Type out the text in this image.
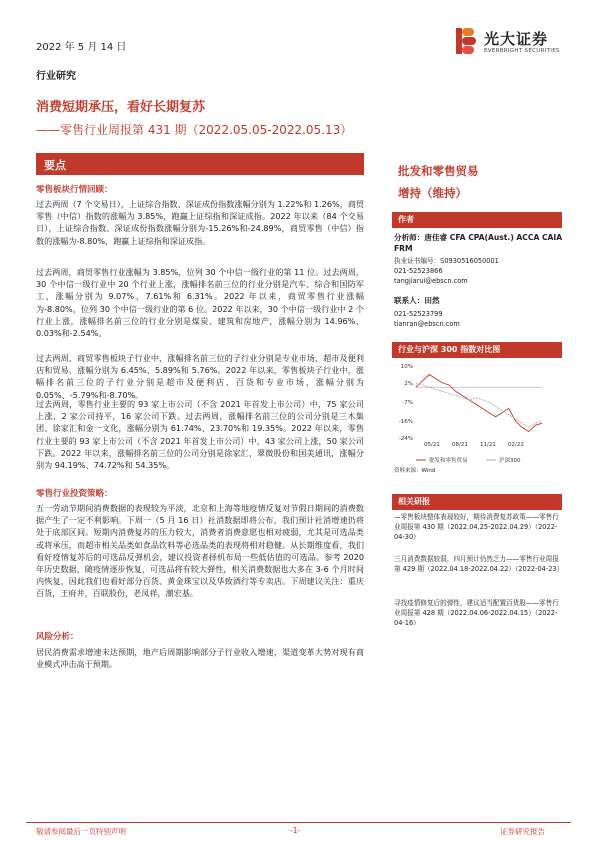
2022 年 5 月 14 日	光大证券
EVERBRIGHT SECURITIES
行业研究
消费短期承压，看好长期复苏
——零售行业周报第 431 期（2022.05.05-2022.05.13）
要点
零售板块行情回顾：
过去两周（7 个交易日），上证综合指数、深证成份指数涨幅分别为 1.22%和 1.26%，商贸零售（中信）指数的涨幅为 3.85%，跑赢上证综指和深证成指。2022 年以来（84 个交易日），上证综合指数、深证成份指数涨幅分别为-15.26%和-24.89%，商贸零售（中信）指数的涨幅为-8.80%，跑赢上证综指和深证成指。
过去两周，商贸零售行业涨幅为 3.85%，位列 30 个中信一级行业的第 11 位。过去两周，30 个中信一级行业中 20 个行业上涨，涨幅排名前三位的行业分别是汽车、综合和国防军工，涨幅分别为 9.07%、7.61%和 6.31%。2022 年以来，商贸零售行业涨幅为-8.80%，位列 30 个中信一级行业的第 6 位。2022 年以来，30 个中信一级行业中 2 个行业上涨，涨幅排名前三位的行业分别是煤炭、建筑和房地产，涨幅分别为 14.96%、0.03%和-2.54%。
过去两周，商贸零售板块子行业中，涨幅排名前三位的子行业分别是专业市场、超市及便利店和贸易，涨幅分别为 6.45%、5.89%和 5.76%。2022 年以来，零售板块子行业中，涨幅排名前三位的子行业分别是超市及便利店、百货和专业市场，涨幅分别为 0.05%、-5.79%和-8.70%。
过去两周，零售行业主要的 93 家上市公司（不含 2021 年首发上市公司）中，75 家公司上涨，2 家公司持平，16 家公司下跌。过去两周，涨幅排名前三位的公司分别是三木集团、徐家汇和金一文化，涨幅分别为 61.74%、23.70%和 19.35%。2022 年以来，零售行业主要的 93 家上市公司（不含 2021 年首发上市公司）中，43 家公司上涨，50 家公司下跌。2022 年以来，涨幅排名前三位的公司分别是徐家汇、翠微股份和国美通讯，涨幅分别为 94.19%、74.72%和 54.35%。
零售行业投资策略：
五一劳动节期间消费数据的表现较为平淡，北京和上海等地疫情反复对节假日期间的消费数据产生了一定不利影响。下周一（5 月 16 日）社消数据即将公布，我们预计社消增速仍将处于底部区间。短期内消费复苏的压力较大，消费者消费意愿也相对疲弱，尤其是可选品类或将承压，而超市相关品类如食品饮料等必选品类的表现将相对稳健。从长期维度看，我们看好疫情复苏后的可选品反弹机会，建议投资者择机布局一些低估值的可选品。参考 2020 年历史数据，随疫情逐步恢复，可选品将有较大弹性，相关消费数据也大多在 3-6 个月时间内恢复，因此我们也看好部分百货、黄金珠宝以及华致酒行等专卖店。下周建议关注：重庆百货，王府井，百联股份，老凤祥，潮宏基。
风险分析：
居民消费需求增速未达预期，地产后周期影响部分子行业收入增速，渠道变革大势对现有商业模式冲击高于预期。
批发和零售贸易
增持（维持）
作者
分析师：唐佳睿 CFA CPA(Aust.) ACCA CAIA FRM
执业证书编号：S0930516050001
021-52523866
tangjiarui@ebscn.com
联系人：田然
021-52523799
tianran@ebscn.com
行业与沪深 300 指数对比图
10%
2%
-7%
-16%
-24%
05/21 08/21 11/21 02/22
批发和零售贸易	沪深300
资料来源：Wind
相关研报
—零售板块整体表现较好，期待消费复苏政策——零售行业周报第 430 期（2022.04.25-2022.04.29）（2022-04-30）
三月消费数据较弱，四月预计仍然乏力——零售行业周报第 429 期（2022.04.18-2022.04.22）（2022-04-23）
寻找疫情修复后的弹性，建议适当配置百货股——零售行业周报第 428 期（2022.04.06-2022.04.15）（2022-04-16）
敬请参阅最后一页特别声明	-1-	证券研究报告
